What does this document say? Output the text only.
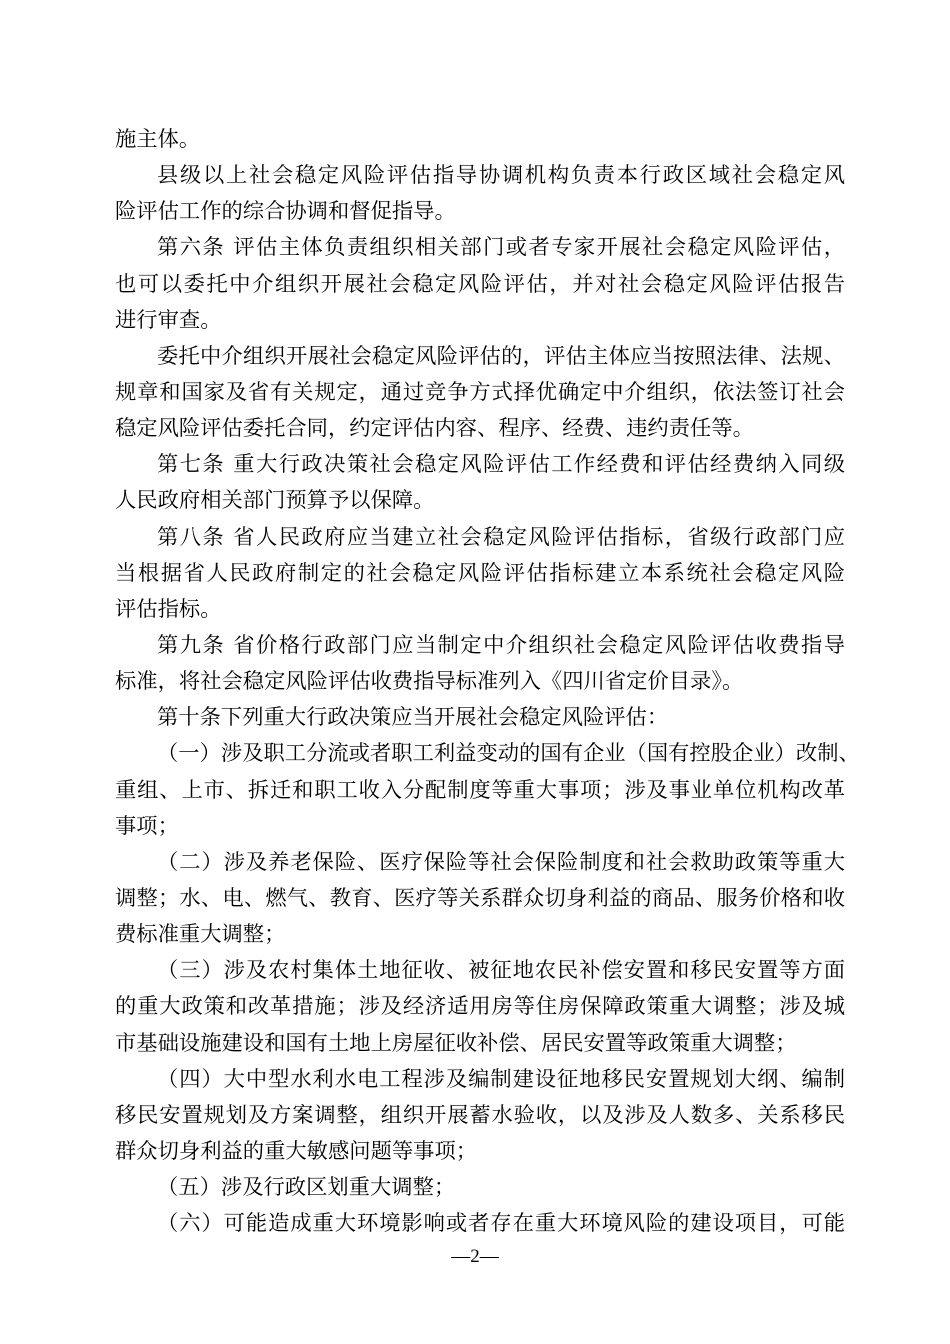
施主体。
县级以上社会稳定风险评估指导协调机构负责本行政区域社会稳定风
险评估工作的综合协调和督促指导。
第六条 评估主体负责组织相关部门或者专家开展社会稳定风险评估，
也可以委托中介组织开展社会稳定风险评估，并对社会稳定风险评估报告
进行审查。
委托中介组织开展社会稳定风险评估的，评估主体应当按照法律、法规、
规章和国家及省有关规定，通过竞争方式择优确定中介组织，依法签订社会
稳定风险评估委托合同，约定评估内容、程序、经费、违约责任等。
第七条 重大行政决策社会稳定风险评估工作经费和评估经费纳入同级
人民政府相关部门预算予以保障。
第八条 省人民政府应当建立社会稳定风险评估指标，省级行政部门应
当根据省人民政府制定的社会稳定风险评估指标建立本系统社会稳定风险
评估指标。
第九条 省价格行政部门应当制定中介组织社会稳定风险评估收费指导
标准，将社会稳定风险评估收费指导标准列入《四川省定价目录》。
第十条下列重大行政决策应当开展社会稳定风险评估：
（一）涉及职工分流或者职工利益变动的国有企业（国有控股企业）改制、
重组、上市、拆迁和职工收入分配制度等重大事项；涉及事业单位机构改革
事项；
（二）涉及养老保险、医疗保险等社会保险制度和社会救助政策等重大
调整；水、电、燃气、教育、医疗等关系群众切身利益的商品、服务价格和收
费标准重大调整；
（三）涉及农村集体土地征收、被征地农民补偿安置和移民安置等方面
的重大政策和改革措施；涉及经济适用房等住房保障政策重大调整；涉及城
市基础设施建设和国有土地上房屋征收补偿、居民安置等政策重大调整；
（四）大中型水利水电工程涉及编制建设征地移民安置规划大纲、编制
移民安置规划及方案调整，组织开展蓄水验收，以及涉及人数多、关系移民
群众切身利益的重大敏感问题等事项；
（五）涉及行政区划重大调整；
（六）可能造成重大环境影响或者存在重大环境风险的建设项目，可能
—2—
